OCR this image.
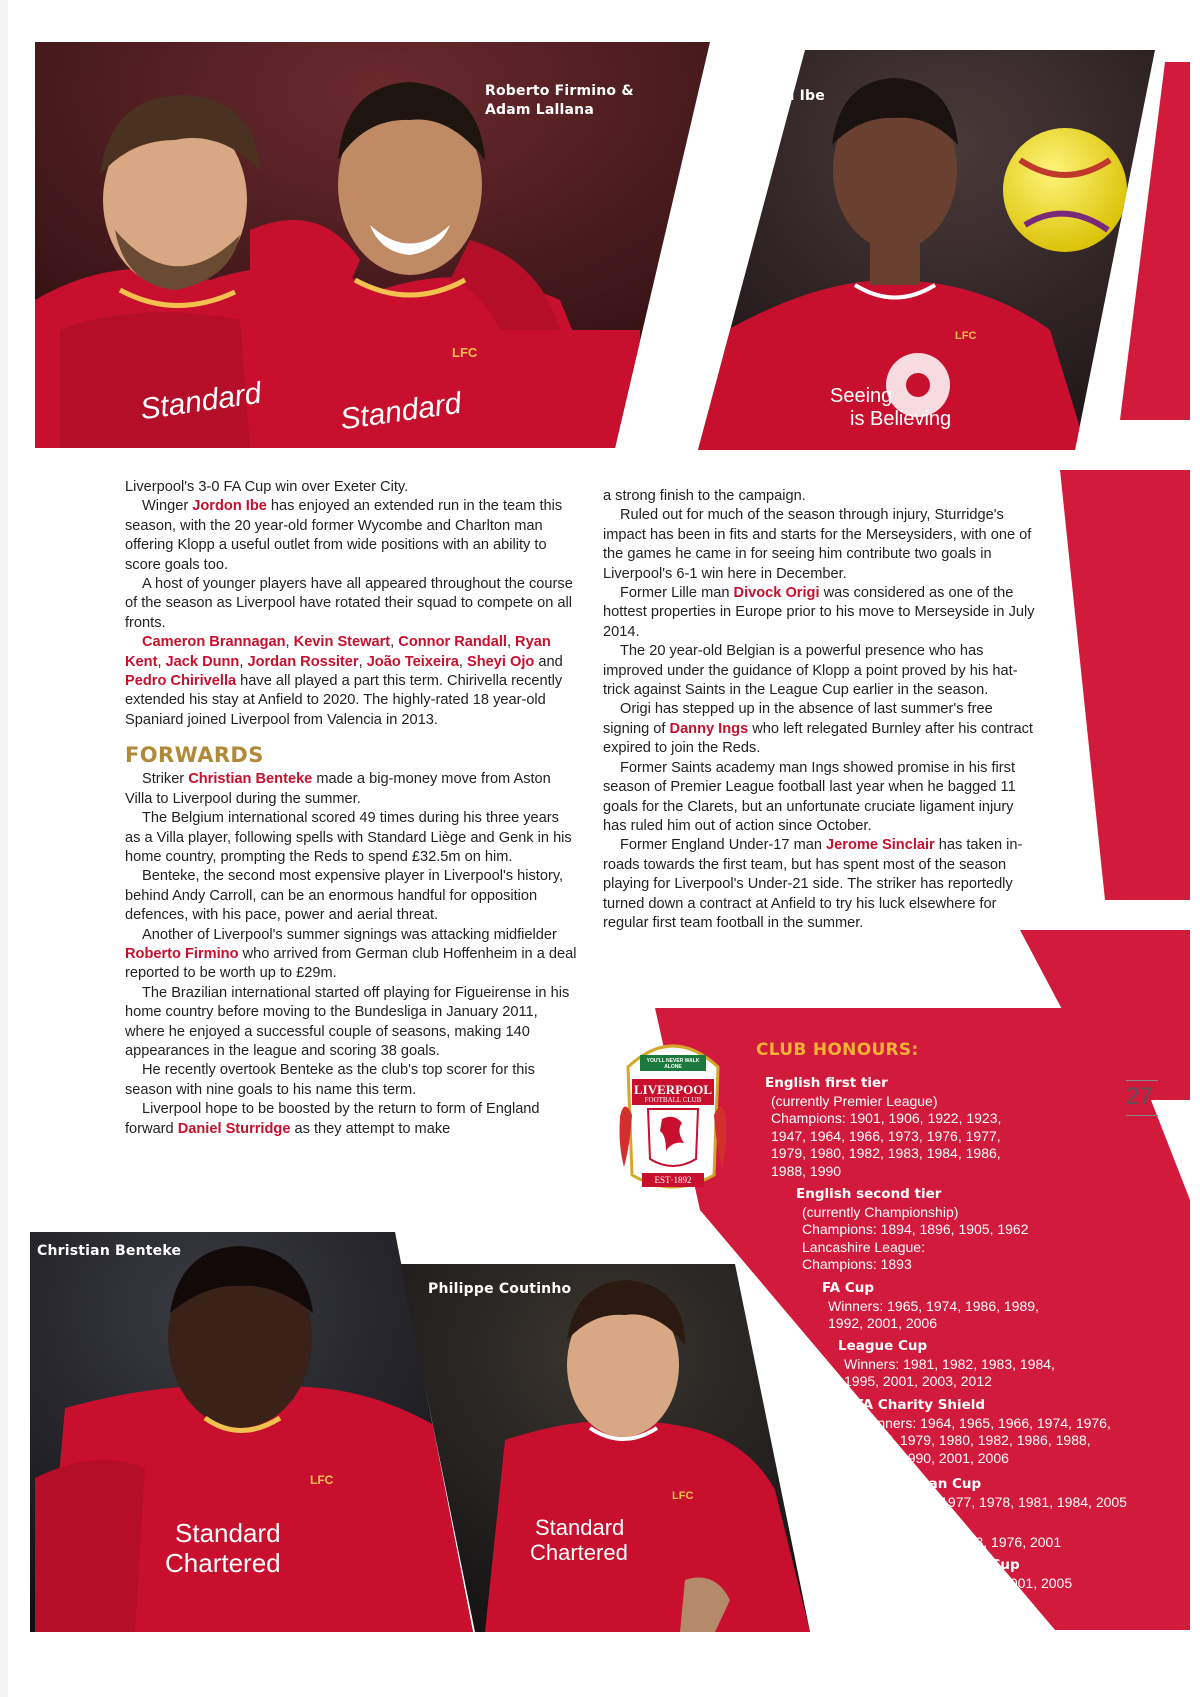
Standard Standard
LFC
Roberto Firmino &
Adam Lallana
Seeing
is Believing
LFC
Jordon Ibe

Liverpool's 3-0 FA Cup win over Exeter City.

Winger Jordon Ibe has enjoyed an extended run in the team this season, with the 20 year-old former Wycombe and Charlton man offering Klopp a useful outlet from wide positions with an ability to score goals too.

A host of younger players have all appeared throughout the course of the season as Liverpool have rotated their squad to compete on all fronts.

Cameron Brannagan, Kevin Stewart, Connor Randall, Ryan Kent, Jack Dunn, Jordan Rossiter, João Teixeira, Sheyi Ojo and Pedro Chirivella have all played a part this term. Chirivella recently extended his stay at Anfield to 2020. The highly-rated 18 year-old Spaniard joined Liverpool from Valencia in 2013.

FORWARDS

Striker Christian Benteke made a big-money move from Aston Villa to Liverpool during the summer.

The Belgium international scored 49 times during his three years as a Villa player, following spells with Standard Liège and Genk in his home country, prompting the Reds to spend £32.5m on him.

Benteke, the second most expensive player in Liverpool's history, behind Andy Carroll, can be an enormous handful for opposition defences, with his pace, power and aerial threat.

Another of Liverpool's summer signings was attacking midfielder Roberto Firmino who arrived from German club Hoffenheim in a deal reported to be worth up to £29m.

The Brazilian international started off playing for Figueirense in his home country before moving to the Bundesliga in January 2011, where he enjoyed a successful couple of seasons, making 140 appearances in the league and scoring 38 goals.

He recently overtook Benteke as the club's top scorer for this season with nine goals to his name this term.

Liverpool hope to be boosted by the return to form of England forward Daniel Sturridge as they attempt to make

a strong finish to the campaign.

Ruled out for much of the season through injury, Sturridge's impact has been in fits and starts for the Merseysiders, with one of the games he came in for seeing him contribute two goals in Liverpool's 6-1 win here in December.

Former Lille man Divock Origi was considered as one of the hottest properties in Europe prior to his move to Merseyside in July 2014.

The 20 year-old Belgian is a powerful presence who has improved under the guidance of Klopp a point proved by his hat-trick against Saints in the League Cup earlier in the season.

Origi has stepped up in the absence of last summer's free signing of Danny Ings who left relegated Burnley after his contract expired to join the Reds.

Former Saints academy man Ings showed promise in his first season of Premier League football last year when he bagged 11 goals for the Clarets, but an unfortunate cruciate ligament injury has ruled him out of action since October.

Former England Under-17 man Jerome Sinclair has taken in-roads towards the first team, but has spent most of the season playing for Liverpool's Under-21 side. The striker has reportedly turned down a contract at Anfield to try his luck elsewhere for regular first team football in the summer.

YOU'LL NEVER WALK ALONE
LIVERPOOL
FOOTBALL CLUB
EST·1892
CLUB HONOURS:
English first tier
(currently Premier League)
Champions: 1901, 1906, 1922, 1923,
1947, 1964, 1966, 1973, 1976, 1977,
1979, 1980, 1982, 1983, 1984, 1986,
1988, 1990
English second tier
(currently Championship)
Champions: 1894, 1896, 1905, 1962
Lancashire League:
Champions: 1893
FA Cup
Winners: 1965, 1974, 1986, 1989,
1992, 2001, 2006
League Cup
Winners: 1981, 1982, 1983, 1984,
1995, 2001, 2003, 2012
FA Charity Shield
Winners: 1964, 1965, 1966, 1974, 1976,
1977, 1979, 1980, 1982, 1986, 1988,
1989, 1990, 2001, 2006
European Cup
Winners: 1977, 1978, 1981, 1984, 2005
UEFA Cup
Winners: 1973, 1976, 2001
UEFA Super Cup
Winners: 1977, 2001, 2005
27
Standard
Chartered
LFC
Christian Benteke
Standard
Chartered
LFC
Philippe Coutinho
